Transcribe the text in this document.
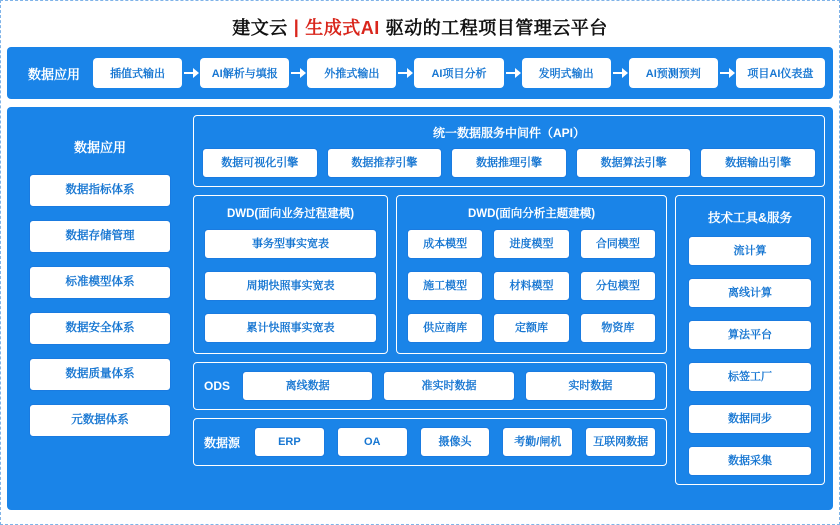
建文云 | 生成式AI 驱动的工程项目管理云平台
数据应用	插值式输出	AI解析与填报	外推式输出	AI项目分析	发明式输出	AI预测预判	项目AI仪表盘
数据应用
数据指标体系
数据存储管理
标准模型体系
数据安全体系
数据质量体系
元数据体系
统一数据服务中间件（API）
数据可视化引擎	数据推荐引擎	数据推理引擎	数据算法引擎	数据输出引擎
DWD(面向业务过程建模)
事务型事实宽表
周期快照事实宽表
累计快照事实宽表
DWD(面向分析主题建模)
成本模型	进度模型	合同模型
施工模型	材料模型	分包模型
供应商库	定额库	物资库
ODS	离线数据	准实时数据	实时数据
数据源	ERP	OA	摄像头	考勤/闸机	互联网数据
技术工具&服务
流计算
离线计算
算法平台
标签工厂
数据同步
数据采集
